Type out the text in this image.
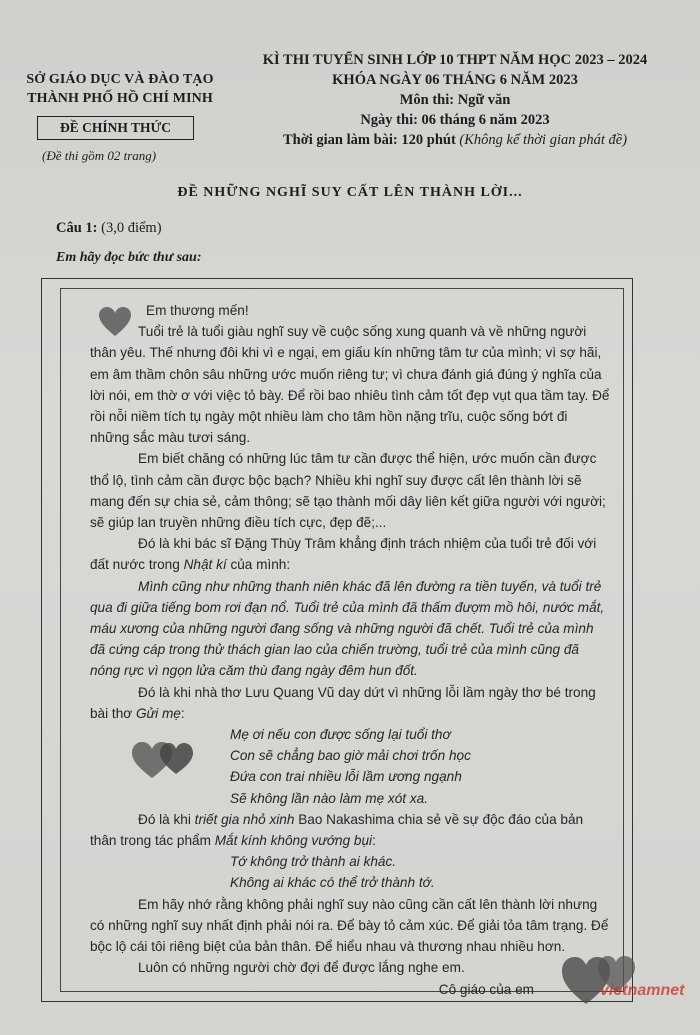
SỞ GIÁO DỤC VÀ ĐÀO TẠO
THÀNH PHỐ HỒ CHÍ MINH
ĐỀ CHÍNH THỨC
(Đề thi gồm 02 trang)
KÌ THI TUYỂN SINH LỚP 10 THPT NĂM HỌC 2023 – 2024
KHÓA NGÀY 06 THÁNG 6 NĂM 2023
Môn thi: Ngữ văn
Ngày thi: 06 tháng 6 năm 2023
Thời gian làm bài: 120 phút (Không kể thời gian phát đề)
ĐỀ NHỮNG NGHĨ SUY CẤT LÊN THÀNH LỜI...
Câu 1: (3,0 điểm)
Em hãy đọc bức thư sau:

Em thương mến!

Tuổi trẻ là tuổi giàu nghĩ suy về cuộc sống xung quanh và về những người thân yêu. Thế nhưng đôi khi vì e ngại, em giấu kín những tâm tư của mình; vì sợ hãi, em âm thầm chôn sâu những ước muốn riêng tư; vì chưa đánh giá đúng ý nghĩa của lời nói, em thờ ơ với việc tỏ bày. Để rồi bao nhiêu tình cảm tốt đẹp vụt qua tầm tay. Để rồi nỗi niềm tích tụ ngày một nhiều làm cho tâm hồn nặng trĩu, cuộc sống bớt đi những sắc màu tươi sáng.

Em biết chăng có những lúc tâm tư cần được thể hiện, ước muốn cần được thổ lộ, tình cảm cần được bộc bạch? Nhiều khi nghĩ suy được cất lên thành lời sẽ mang đến sự chia sẻ, cảm thông; sẽ tạo thành mối dây liên kết giữa người với người; sẽ giúp lan truyền những điều tích cực, đẹp đẽ;...

Đó là khi bác sĩ Đặng Thùy Trâm khẳng định trách nhiệm của tuổi trẻ đối với đất nước trong Nhật kí của mình:

Mình cũng như những thanh niên khác đã lên đường ra tiền tuyến, và tuổi trẻ qua đi giữa tiếng bom rơi đạn nổ. Tuổi trẻ của mình đã thấm đượm mồ hôi, nước mắt, máu xương của những người đang sống và những người đã chết. Tuổi trẻ của mình đã cứng cáp trong thử thách gian lao của chiến trường, tuổi trẻ của mình cũng đã nóng rực vì ngọn lửa căm thù đang ngày đêm hun đốt.

Đó là khi nhà thơ Lưu Quang Vũ day dứt vì những lỗi lầm ngày thơ bé trong bài thơ Gửi mẹ:

Mẹ ơi nếu con được sống lại tuổi thơ

Con sẽ chẳng bao giờ mải chơi trốn học

Đứa con trai nhiều lỗi lầm ương ngạnh

Sẽ không lần nào làm mẹ xót xa.

Đó là khi triết gia nhỏ xinh Bao Nakashima chia sẻ về sự độc đáo của bản thân trong tác phẩm Mắt kính không vướng bụi:

Tớ không trở thành ai khác.

Không ai khác có thể trở thành tớ.

Em hãy nhớ rằng không phải nghĩ suy nào cũng cần cất lên thành lời nhưng có những nghĩ suy nhất định phải nói ra. Để bày tỏ cảm xúc. Để giải tỏa tâm trạng. Để bộc lộ cái tôi riêng biệt của bản thân. Để hiểu nhau và thương nhau nhiều hơn.

Luôn có những người chờ đợi để được lắng nghe em.

Cô giáo của em	vietnamnet
